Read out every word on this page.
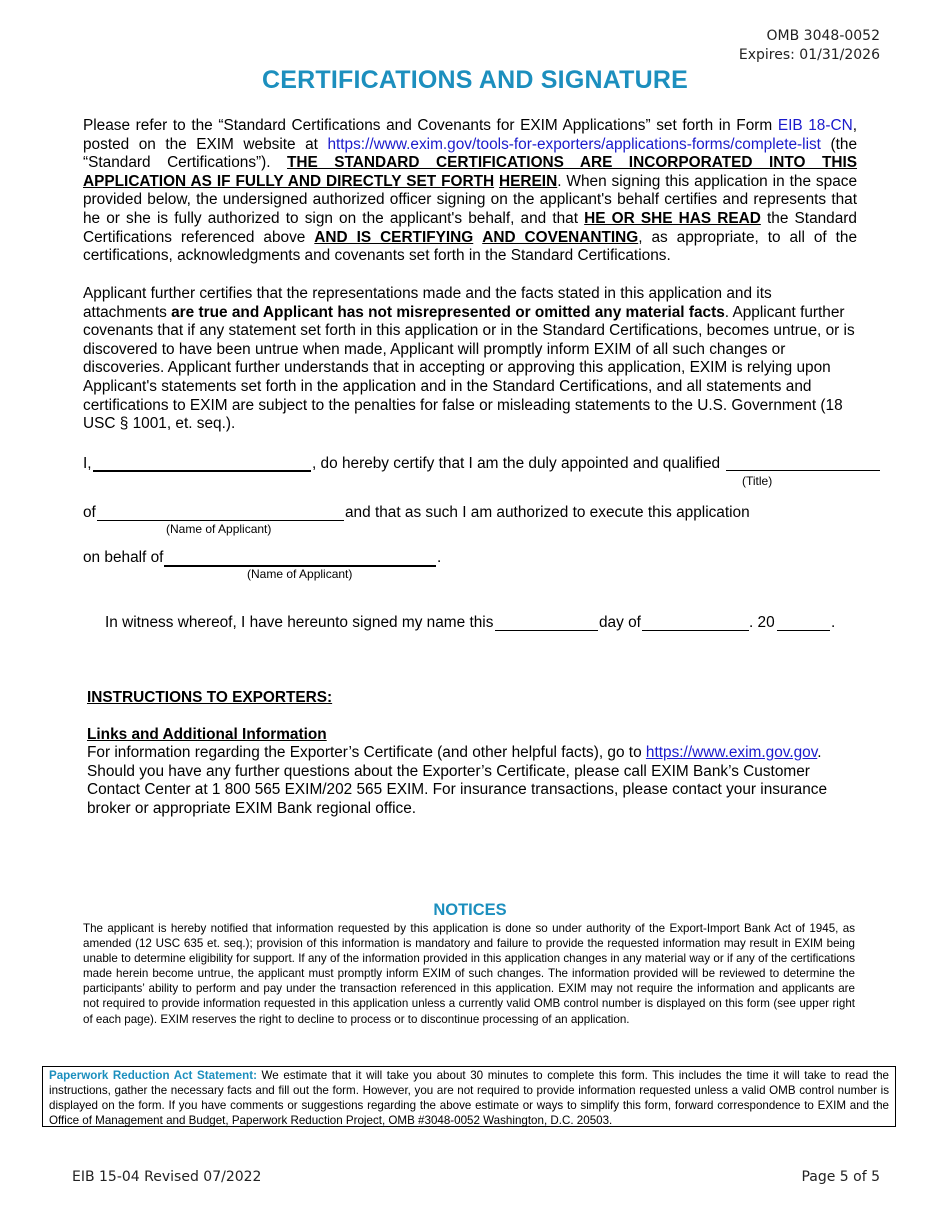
OMB 3048-0052
Expires: 01/31/2026
CERTIFICATIONS AND SIGNATURE
Please refer to the “Standard Certifications and Covenants for EXIM Applications” set forth in Form EIB 18-CN, posted on the EXIM website at https://www.exim.gov/tools-for-exporters/applications-forms/complete-list (the “Standard Certifications”). THE STANDARD CERTIFICATIONS ARE INCORPORATED INTO THIS APPLICATION AS IF FULLY AND DIRECTLY SET FORTH HEREIN. When signing this application in the space provided below, the undersigned authorized officer signing on the applicant's behalf certifies and represents that he or she is fully authorized to sign on the applicant's behalf, and that HE OR SHE HAS READ the Standard Certifications referenced above AND IS CERTIFYING AND COVENANTING, as appropriate, to all of the certifications, acknowledgments and covenants set forth in the Standard Certifications.
Applicant further certifies that the representations made and the facts stated in this application and its attachments are true and Applicant has not misrepresented or omitted any material facts. Applicant further covenants that if any statement set forth in this application or in the Standard Certifications, becomes untrue, or is discovered to have been untrue when made, Applicant will promptly inform EXIM of all such changes or discoveries. Applicant further understands that in accepting or approving this application, EXIM is relying upon Applicant's statements set forth in the application and in the Standard Certifications, and all statements and certifications to EXIM are subject to the penalties for false or misleading statements to the U.S. Government (18 USC § 1001, et. seq.).
I,	, do hereby certify that I am the duly appointed and qualified
(Title)
of	and that as such I am authorized to execute this application
(Name of Applicant)
on behalf of	.
(Name of Applicant)
In witness whereof, I have hereunto signed my name this	day of	. 20	.
INSTRUCTIONS TO EXPORTERS:
Links and Additional Information
For information regarding the Exporter’s Certificate (and other helpful facts), go to https://www.exim.gov.gov. Should you have any further questions about the Exporter’s Certificate, please call EXIM Bank’s Customer Contact Center at 1 800 565 EXIM/202 565 EXIM. For insurance transactions, please contact your insurance broker or appropriate EXIM Bank regional office.
NOTICES
The applicant is hereby notified that information requested by this application is done so under authority of the Export-Import Bank Act of 1945, as amended (12 USC 635 et. seq.); provision of this information is mandatory and failure to provide the requested information may result in EXIM being unable to determine eligibility for support. If any of the information provided in this application changes in any material way or if any of the certifications made herein become untrue, the applicant must promptly inform EXIM of such changes. The information provided will be reviewed to determine the participants’ ability to perform and pay under the transaction referenced in this application. EXIM may not require the information and applicants are not required to provide information requested in this application unless a currently valid OMB control number is displayed on this form (see upper right of each page). EXIM reserves the right to decline to process or to discontinue processing of an application.
Paperwork Reduction Act Statement: We estimate that it will take you about 30 minutes to complete this form. This includes the time it will take to read the instructions, gather the necessary facts and fill out the form. However, you are not required to provide information requested unless a valid OMB control number is displayed on the form. If you have comments or suggestions regarding the above estimate or ways to simplify this form, forward correspondence to EXIM and the Office of Management and Budget, Paperwork Reduction Project, OMB #3048-0052 Washington, D.C. 20503.
EIB 15-04 Revised 07/2022	Page 5 of 5
